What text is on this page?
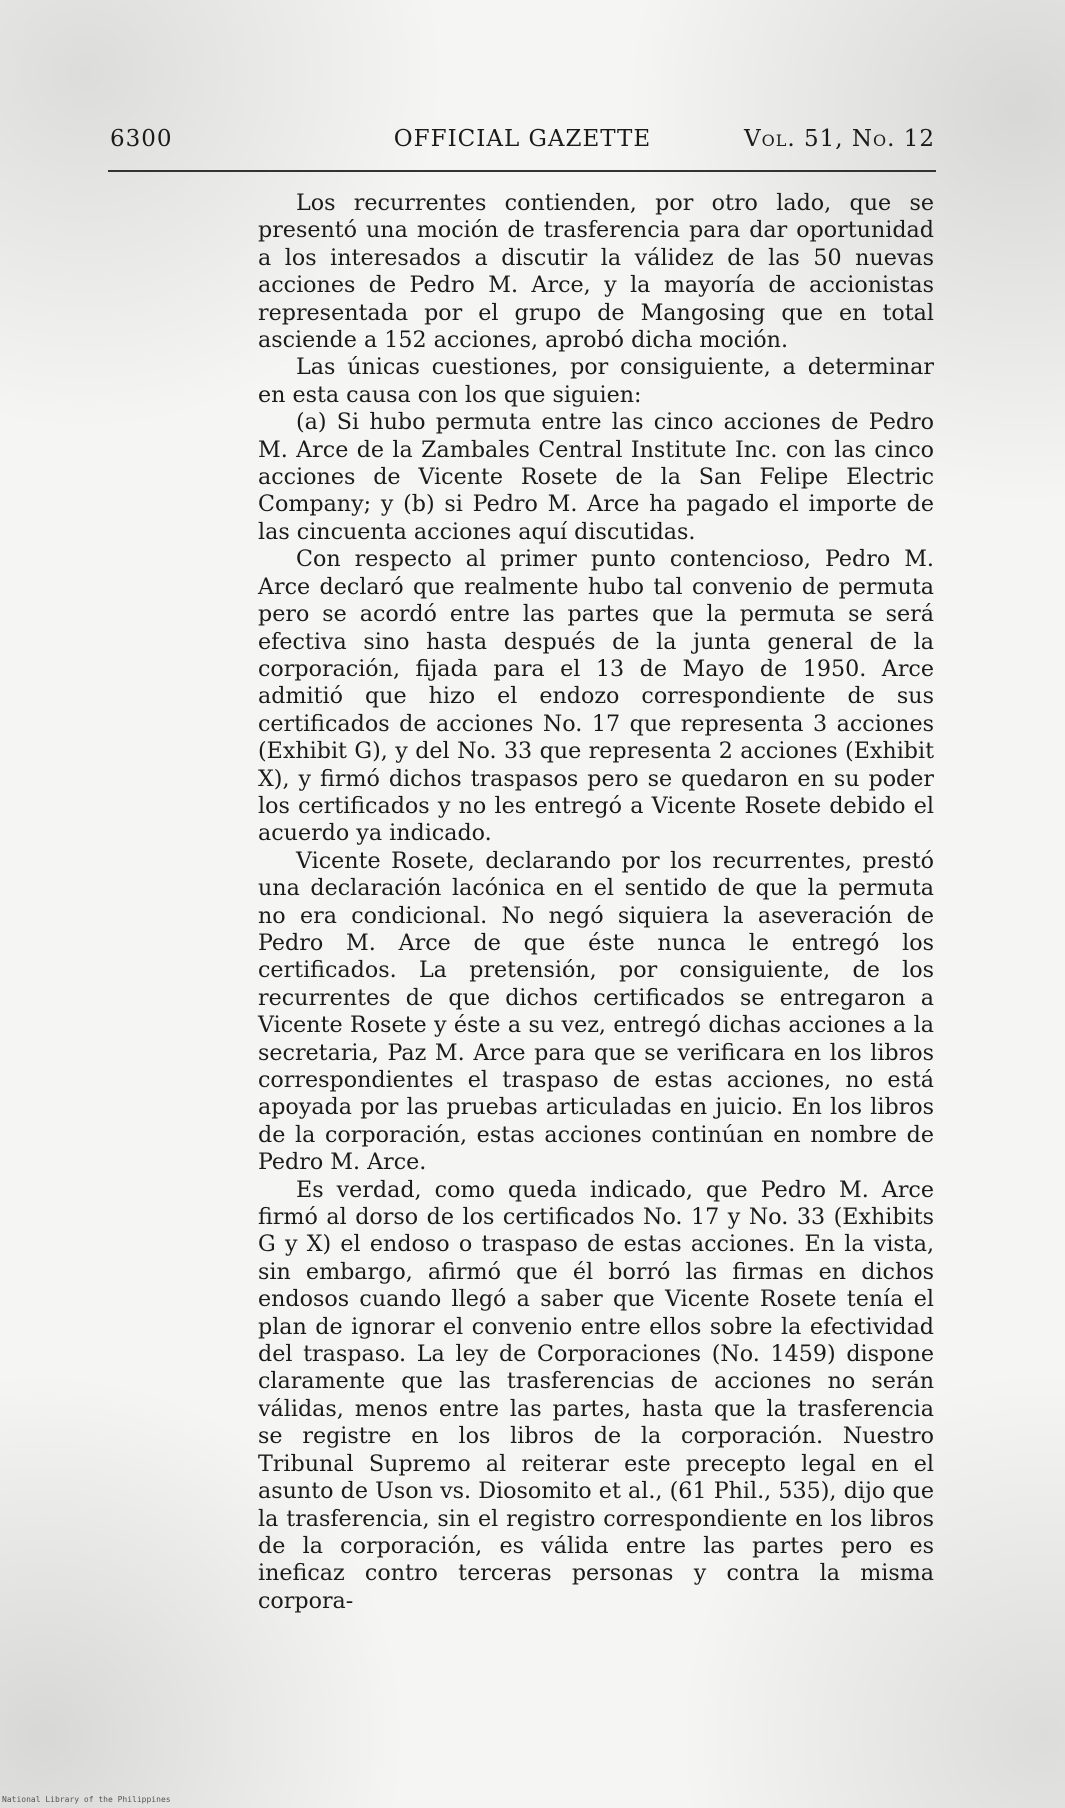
6300	OFFICIAL GAZETTE	Vol. 51, No. 12

Los recurrentes contienden, por otro lado, que se presentó una moción de trasferencia para dar oportunidad a los interesados a discutir la válidez de las 50 nuevas acciones de Pedro M. Arce, y la mayoría de accionistas representada por el grupo de Mangosing que en total asciende a 152 acciones, aprobó dicha moción.

Las únicas cuestiones, por consiguiente, a determinar en esta causa con los que siguien:

(a) Si hubo permuta entre las cinco acciones de Pedro M. Arce de la Zambales Central Institute Inc. con las cinco acciones de Vicente Rosete de la San Felipe Electric Company; y (b) si Pedro M. Arce ha pagado el importe de las cincuenta acciones aquí discutidas.

Con respecto al primer punto contencioso, Pedro M. Arce declaró que realmente hubo tal convenio de permuta pero se acordó entre las partes que la permuta se será efectiva sino hasta después de la junta general de la corporación, fijada para el 13 de Mayo de 1950. Arce admitió que hizo el endozo correspondiente de sus certificados de acciones No. 17 que representa 3 acciones (Exhibit G), y del No. 33 que representa 2 acciones (Exhibit X), y firmó dichos traspasos pero se quedaron en su poder los certificados y no les entregó a Vicente Rosete debido el acuerdo ya indicado.

Vicente Rosete, declarando por los recurrentes, prestó una declaración lacónica en el sentido de que la permuta no era condicional. No negó siquiera la aseveración de Pedro M. Arce de que éste nunca le entregó los certificados. La pretensión, por consiguiente, de los recurrentes de que dichos certificados se entregaron a Vicente Rosete y éste a su vez, entregó dichas acciones a la secretaria, Paz M. Arce para que se verificara en los libros correspondientes el traspaso de estas acciones, no está apoyada por las pruebas articuladas en juicio. En los libros de la corporación, estas acciones continúan en nombre de Pedro M. Arce.

Es verdad, como queda indicado, que Pedro M. Arce firmó al dorso de los certificados No. 17 y No. 33 (Exhibits G y X) el endoso o traspaso de estas acciones. En la vista, sin embargo, afirmó que él borró las firmas en dichos endosos cuando llegó a saber que Vicente Rosete tenía el plan de ignorar el convenio entre ellos sobre la efectividad del traspaso. La ley de Corporaciones (No. 1459) dispone claramente que las trasferencias de acciones no serán válidas, menos entre las partes, hasta que la trasferencia se registre en los libros de la corporación. Nuestro Tribunal Supremo al reiterar este precepto legal en el asunto de Uson vs. Diosomito et al., (61 Phil., 535), dijo que la trasferencia, sin el registro correspondiente en los libros de la corporación, es válida entre las partes pero es ineficaz contro terceras personas y contra la misma corpora-

National Library of the Philippines
